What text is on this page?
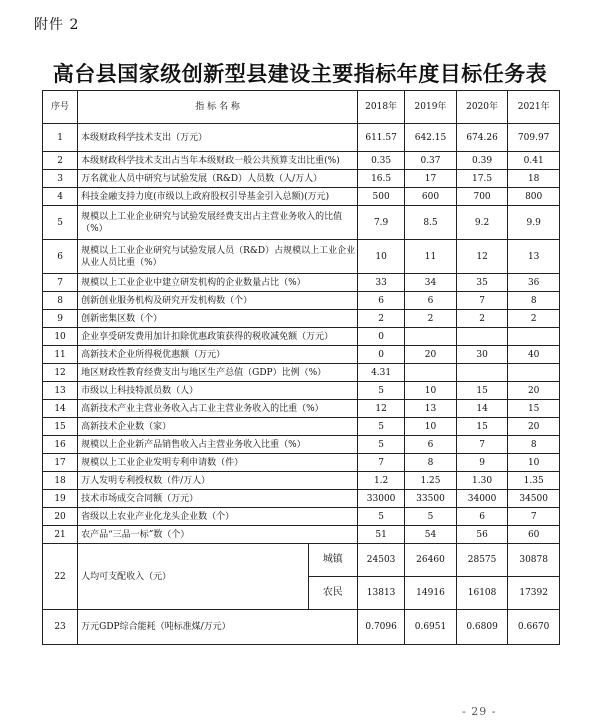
附件 2
高台县国家级创新型县建设主要指标年度目标任务表
序号	指 标 名 称		2018年	2019年	2020年	2021年
1	本级财政科学技术支出（万元）		611.57	642.15	674.26	709.97
2	本级财政科学技术支出占当年本级财政一般公共预算支出比重(%)		0.35	0.37	0.39	0.41
3	万名就业人员中研究与试验发展（R&D）人员数（人/万人）		16.5	17	17.5	18
4	科技金融支持力度(市级以上政府股权引导基金引入总额)(万元)		500	600	700	800
5	规模以上工业企业研究与试验发展经费支出占主营业务收入的比值（%）		7.9	8.5	9.2	9.9
6	规模以上工业企业研究与试验发展人员（R&D）占规模以上工业企业从业人员比重（%）		10	11	12	13
7	规模以上工业企业中建立研发机构的企业数量占比（%）		33	34	35	36
8	创新创业服务机构及研究开发机构数（个）		6	6	7	8
9	创新密集区数（个）		2	2	2	2
10	企业享受研发费用加计扣除优惠政策获得的税收减免额（万元）		0			
11	高新技术企业所得税优惠额（万元）		0	20	30	40
12	地区财政性教育经费支出与地区生产总值（GDP）比例（%）		4.31			
13	市级以上科技特派员数（人）		5	10	15	20
14	高新技术产业主营业务收入占工业主营业务收入的比重（%）		12	13	14	15
15	高新技术企业数（家）		5	10	15	20
16	规模以上企业新产品销售收入占主营业务收入比重（%）		5	6	7	8
17	规模以上工业企业发明专利申请数（件）		7	8	9	10
18	万人发明专利授权数（件/万人）		1.2	1.25	1.30	1.35
19	技术市场成交合同额（万元）		33000	33500	34000	34500
20	省级以上农业产业化龙头企业数（个）		5	5	6	7
21	农产品“三品一标”数（个）		51	54	56	60
22	人均可支配收入（元）	城镇	24503	26460	28575	30878
		农民	13813	14916	16108	17392
23	万元GDP综合能耗（吨标准煤/万元）		0.7096	0.6951	0.6809	0.6670
- 29 -
